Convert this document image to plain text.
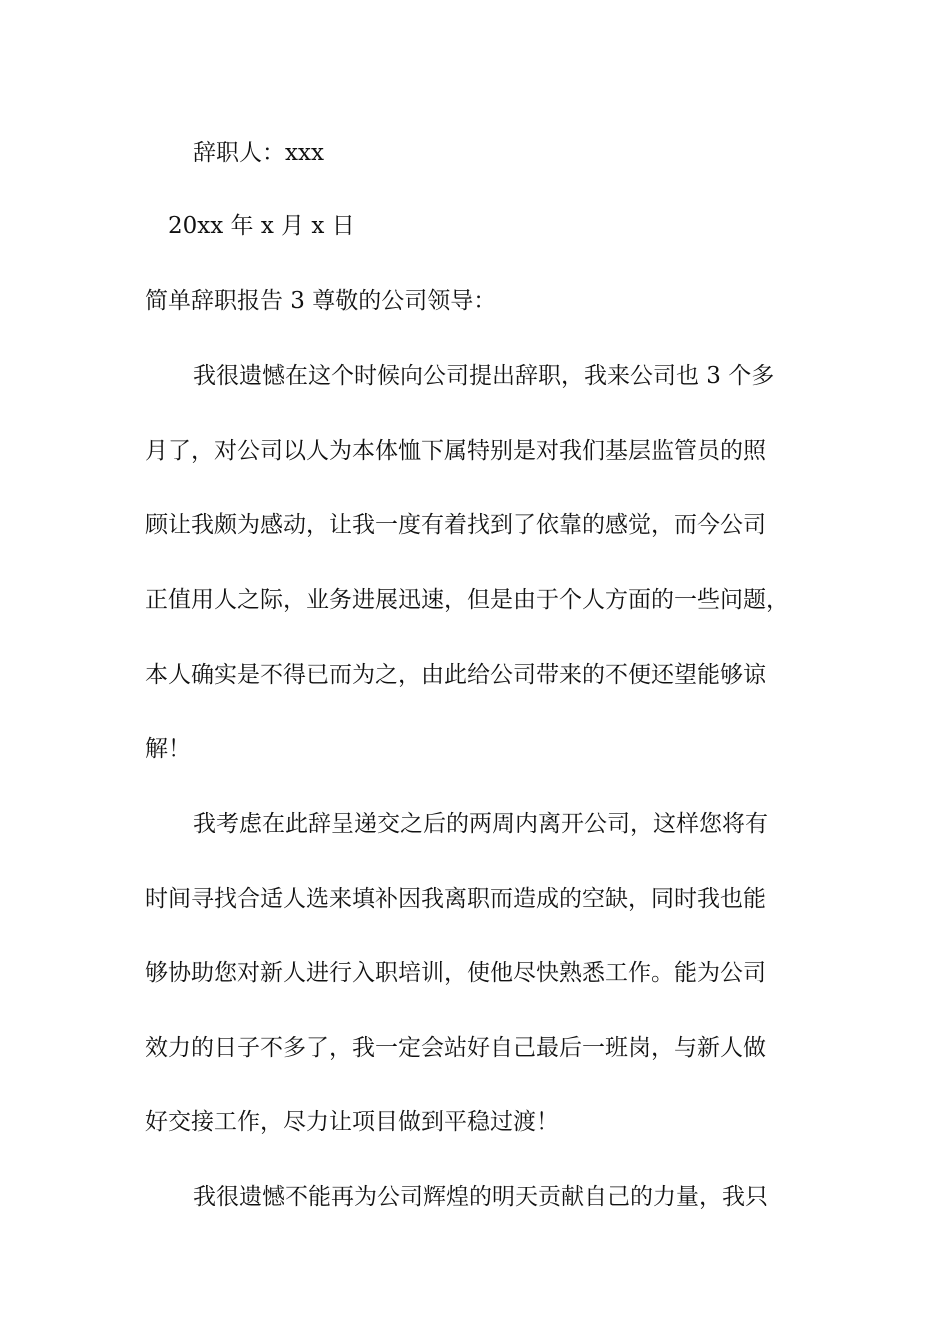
辞职人：xxx
20xx 年 x 月 x 日
简单辞职报告 3 尊敬的公司领导：
我很遗憾在这个时候向公司提出辞职，我来公司也 3 个多
月了，对公司以人为本体恤下属特别是对我们基层监管员的照
顾让我颇为感动，让我一度有着找到了依靠的感觉，而今公司
正值用人之际，业务进展迅速，但是由于个人方面的一些问题，
本人确实是不得已而为之，由此给公司带来的不便还望能够谅
解！
我考虑在此辞呈递交之后的两周内离开公司，这样您将有
时间寻找合适人选来填补因我离职而造成的空缺，同时我也能
够协助您对新人进行入职培训，使他尽快熟悉工作。能为公司
效力的日子不多了，我一定会站好自己最后一班岗，与新人做
好交接工作，尽力让项目做到平稳过渡！
我很遗憾不能再为公司辉煌的明天贡献自己的力量，我只
